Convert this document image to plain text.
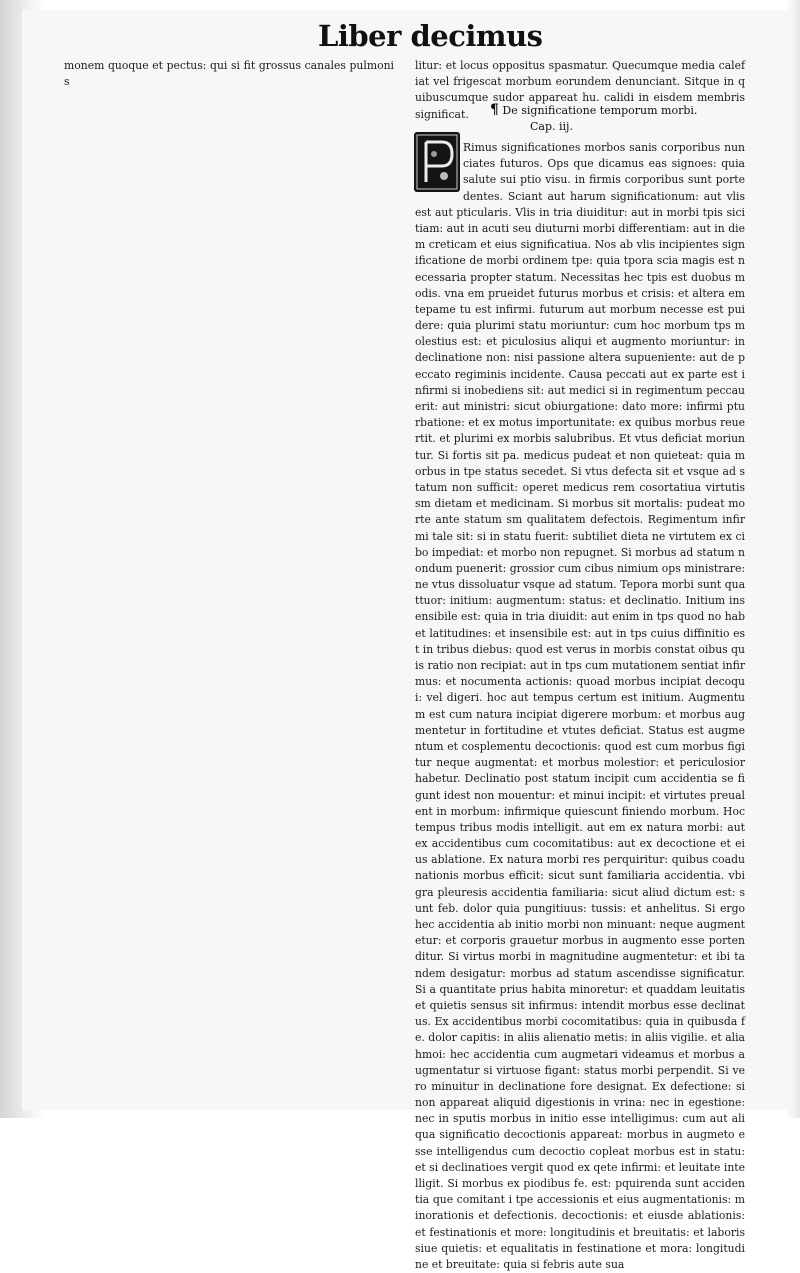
Liber decimus

monem quoque et pectus: qui si fit grossus canales pulmonis

litur: et locus oppositus spasmatur. Quecumque media calefiat vel frigescat morbum eorundem denunciant. Sitque in quibuscumque sudor appareat hu. calidi in eisdem membris significat.	¶ De significatione temporum morbi. Cap. iij.

Rimus significationes morbos sanis corporibus nunciates futuros. Ops que dicamus eas signoes: quia salute sui ptio visu. in firmis corporibus sunt portedentes. Sciant aut harum significationum: aut vlis est aut pticularis. Vlis in tria diuiditur: aut in morbi tpis sicitiam: aut in acuti seu diuturni morbi differentiam: aut in diem creticam et eius significatiua. Nos ab vlis incipientes significatione de morbi ordinem tpe: quia tpora scia magis est necessaria propter statum. Necessitas hec tpis est duobus modis. vna em prueidet futurus morbus et crisis: et altera em tepame tu est infirmi. futurum aut morbum necesse est puidere: quia plurimi statu moriuntur: cum hoc morbum tps molestius est: et piculosius aliqui et augmento moriuntur: in declinatione non: nisi passione altera supueniente: aut de peccato regiminis incidente. Causa peccati aut ex parte est infirmi si inobediens sit: aut medici si in regimentum peccauerit: aut ministri: sicut obiurgatione: dato more: infirmi pturbatione: et ex motus importunitate: ex quibus morbus reuertit. et plurimi ex morbis salubribus. Et vtus deficiat moriuntur. Si fortis sit pa. medicus pudeat et non quieteat: quia morbus in tpe status secedet. Si vtus defecta sit et vsque ad statum non sufficit: operet medicus rem cosortatiua virtutis sm dietam et medicinam. Si morbus sit mortalis: pudeat morte ante statum sm qualitatem defectois. Regimentum infirmi tale sit: si in statu fuerit: subtiliet dieta ne virtutem ex cibo impediat: et morbo non repugnet. Si morbus ad statum nondum puenerit: grossior cum cibus nimium ops ministrare: ne vtus dissoluatur vsque ad statum. Tepora morbi sunt quattuor: initium: augmentum: status: et declinatio. Initium insensibile est: quia in tria diuidit: aut enim in tps quod no habet latitudines: et insensibile est: aut in tps cuius diffinitio est in tribus diebus: quod est verus in morbis constat oibus quis ratio non recipiat: aut in tps cum mutationem sentiat infirmus: et nocumenta actionis: quoad morbus incipiat decoqui: vel digeri. hoc aut tempus certum est initium. Augmentum est cum natura incipiat digerere morbum: et morbus augmentetur in fortitudine et vtutes deficiat. Status est augmentum et cosplementu decoctionis: quod est cum morbus figitur neque augmentat: et morbus molestior: et periculosior habetur. Declinatio post statum incipit cum accidentia se figunt idest non mouentur: et minui incipit: et virtutes preualent in morbum: infirmique quiescunt finiendo morbum. Hoc tempus tribus modis intelligit. aut em ex natura morbi: aut ex accidentibus cum cocomitatibus: aut ex decoctione et eius ablatione. Ex natura morbi res perquiritur: quibus coadunationis morbus efficit: sicut sunt familiaria accidentia. vbi gra pleuresis accidentia familiaria: sicut aliud dictum est: sunt feb. dolor quia pungitiuus: tussis: et anhelitus. Si ergo hec accidentia ab initio morbi non minuant: neque augmentetur: et corporis grauetur morbus in augmento esse portenditur. Si virtus morbi in magnitudine augmentetur: et ibi tandem desigatur: morbus ad statum ascendisse significatur. Si a quantitate prius habita minoretur: et quaddam leuitatis et quietis sensus sit infirmus: intendit morbus esse declinatus. Ex accidentibus morbi cocomitatibus: quia in quibusda fe. dolor capitis: in aliis alienatio metis: in aliis vigilie. et alia hmoi: hec accidentia cum augmetari videamus et morbus augmentatur si virtuose figant: status morbi perpendit. Si vero minuitur in declinatione fore designat. Ex defectione: si non appareat aliquid digestionis in vrina: nec in egestione: nec in sputis morbus in initio esse intelligimus: cum aut aliqua significatio decoctionis appareat: morbus in augmeto esse intelligendus cum decoctio copleat morbus est in statu: et si declinatioes vergit quod ex qete infirmi: et leuitate intelligit. Si morbus ex piodibus fe. est: pquirenda sunt accidentia que comitant i tpe accessionis et eius augmentationis: minorationis et defectionis. decoctionis: et eiusde ablationis: et festinationis et more: longitudinis et breuitatis: et laboris siue quietis: et equalitatis in festinatione et mora: longitudine et breuitate: quia si febris aute sua
